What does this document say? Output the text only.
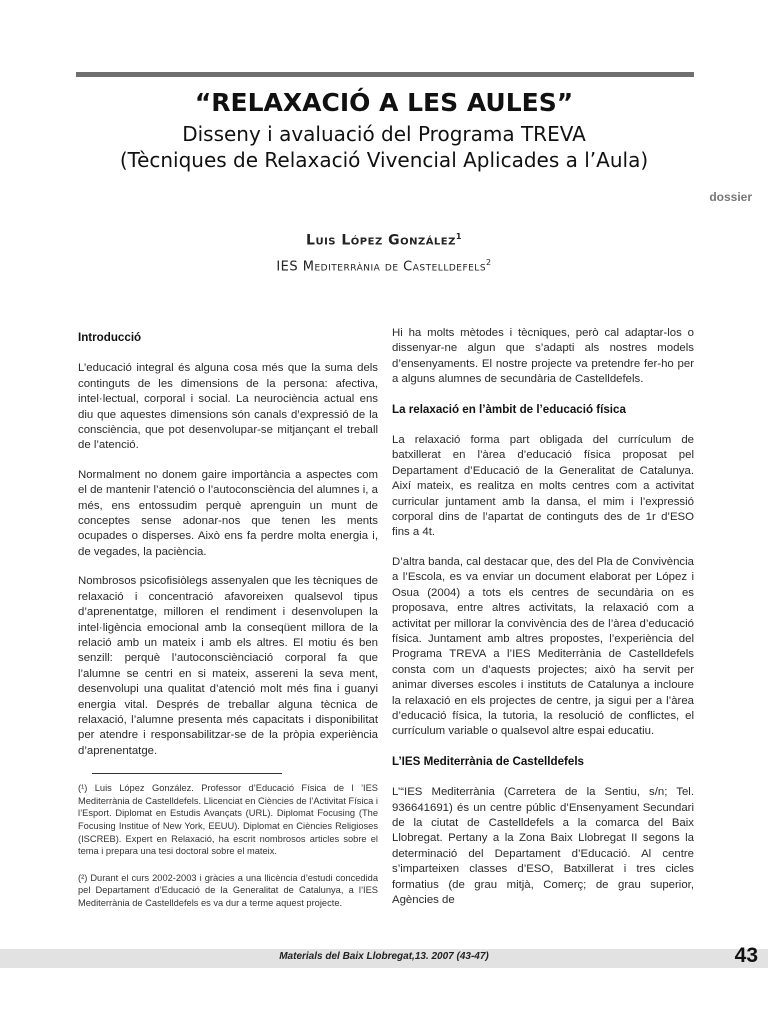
“RELAXACIÓ A LES AULES”
Disseny i avaluació del Programa TREVA
(Tècniques de Relaxació Vivencial Aplicades a l’Aula)
dossier
Luis López González$^1$
IES Mediterrània de Castelldefels$^2$
Introducció

L’educació integral és alguna cosa més que la suma dels continguts de les dimensions de la persona: afectiva, intel·lectual, corporal i social. La neurociència actual ens diu que aquestes dimensions són canals d’expressió de la consciència, que pot desenvolupar-se mitjançant el treball de l’atenció.

Normalment no donem gaire importància a aspectes com el de mantenir l’atenció o l’autoconsciència del alumnes i, a més, ens entossudim perquè aprenguin un munt de conceptes sense adonar-nos que tenen les ments ocupades o disperses. Això ens fa perdre molta energia i, de vegades, la paciència.

Nombrosos psicofisiòlegs assenyalen que les tècniques de relaxació i concentració afavoreixen qualsevol tipus d’aprenentatge, milloren el rendiment i desenvolupen la intel·ligència emocional amb la conseqüent millora de la relació amb un mateix i amb els altres. El motiu és ben senzill: perquè l’autoconsciènciació corporal fa que l’alumne se centri en si mateix, assereni la seva ment, desenvolupi una qualitat d’atenció molt més fina i guanyi energia vital. Després de treballar alguna tècnica de relaxació, l’alumne presenta més capacitats i disponibilitat per atendre i responsabilitzar-se de la pròpia experiència d’aprenentatge.

(¹) Luis López González. Professor d’Educació Física de l ’IES Mediterrània de Castelldefels. Llicenciat en Ciències de l’Activitat Física i l’Esport. Diplomat en Estudis Avançats (URL). Diplomat Focusing (The Focusing Institue of New York, EEUU). Diplomat en Ciències Religioses (ISCREB). Expert en Relaxació, ha escrit nombrosos articles sobre el tema i prepara una tesi doctoral sobre el mateix.

(²) Durant el curs 2002-2003 i gràcies a una llicència d’estudi concedida pel Departament d’Educació de la Generalitat de Catalunya, a l’IES Mediterrània de Castelldefels es va dur a terme aquest projecte.

Hi ha molts mètodes i tècniques, però cal adaptar-los o dissenyar-ne algun que s’adapti als nostres models d’ensenyaments. El nostre projecte va pretendre fer-ho per a alguns alumnes de secundària de Castelldefels.

La relaxació en l’àmbit de l’educació física

La relaxació forma part obligada del currículum de batxillerat en l’àrea d’educació física proposat pel Departament d’Educació de la Generalitat de Catalunya. Així mateix, es realitza en molts centres com a activitat curricular juntament amb la dansa, el mim i l’expressió corporal dins de l’apartat de continguts des de 1r d’ESO fins a 4t.

D’altra banda, cal destacar que, des del Pla de Convivència a l’Escola, es va enviar un document elaborat per López i Osua (2004) a tots els centres de secundària on es proposava, entre altres activitats, la relaxació com a activitat per millorar la convivència des de l’àrea d’educació física. Juntament amb altres propostes, l’experiència del Programa TREVA a l’IES Mediterrània de Castelldefels consta com un d’aquests projectes; això ha servit per animar diverses escoles i instituts de Catalunya a incloure la relaxació en els projectes de centre, ja sigui per a l’àrea d’educació física, la tutoria, la resolució de conflictes, el currículum variable o qualsevol altre espai educatiu.

L’IES Mediterrània de Castelldefels

L’“IES Mediterrània (Carretera de la Sentiu, s/n; Tel. 936641691) és un centre públic d’Ensenyament Secundari de la ciutat de Castelldefels a la comarca del Baix Llobregat. Pertany a la Zona Baix Llobregat II segons la determinació del Departament d’Educació. Al centre s’imparteixen classes d’ESO, Batxillerat i tres cicles formatius (de grau mitjà, Comerç; de grau superior, Agències de

Materials del Baix Llobregat,13. 2007 (43-47)	43
